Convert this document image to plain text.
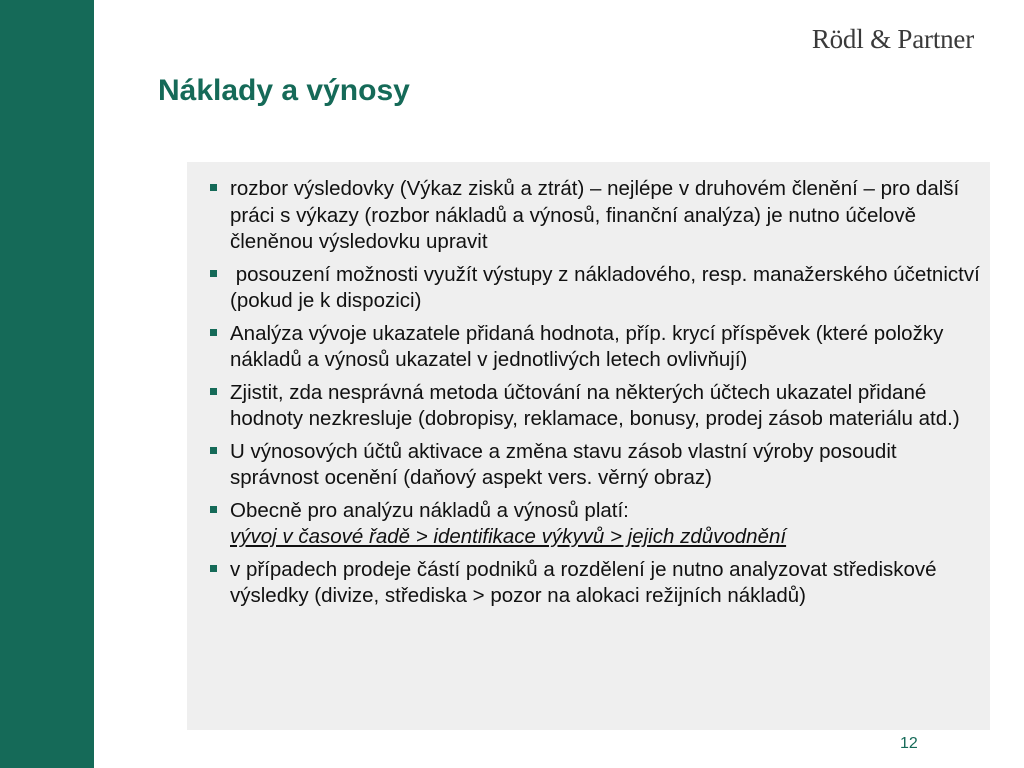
Rödl & Partner
Náklady a výnosy
rozbor výsledovky (Výkaz zisků a ztrát) – nejlépe v druhovém členění – pro další práci s výkazy (rozbor nákladů a výnosů, finanční analýza) je nutno účelově členěnou výsledovku upravit
posouzení možnosti využít výstupy z nákladového, resp. manažerského účetnictví (pokud je k dispozici)
Analýza vývoje ukazatele přidaná hodnota, příp. krycí příspěvek (které položky nákladů a výnosů ukazatel v jednotlivých letech ovlivňují)
Zjistit, zda nesprávná metoda účtování na některých účtech ukazatel přidané hodnoty nezkresluje (dobropisy, reklamace, bonusy, prodej zásob materiálu atd.)
U výnosových účtů aktivace a změna stavu zásob vlastní výroby posoudit správnost ocenění (daňový aspekt vers. věrný obraz)
Obecně pro analýzu nákladů a výnosů platí:
vývoj v časové řadě > identifikace výkyvů > jejich zdůvodnění
v případech prodeje částí podniků a rozdělení je nutno analyzovat střediskové výsledky (divize, střediska > pozor na alokaci režijních nákladů)
12
